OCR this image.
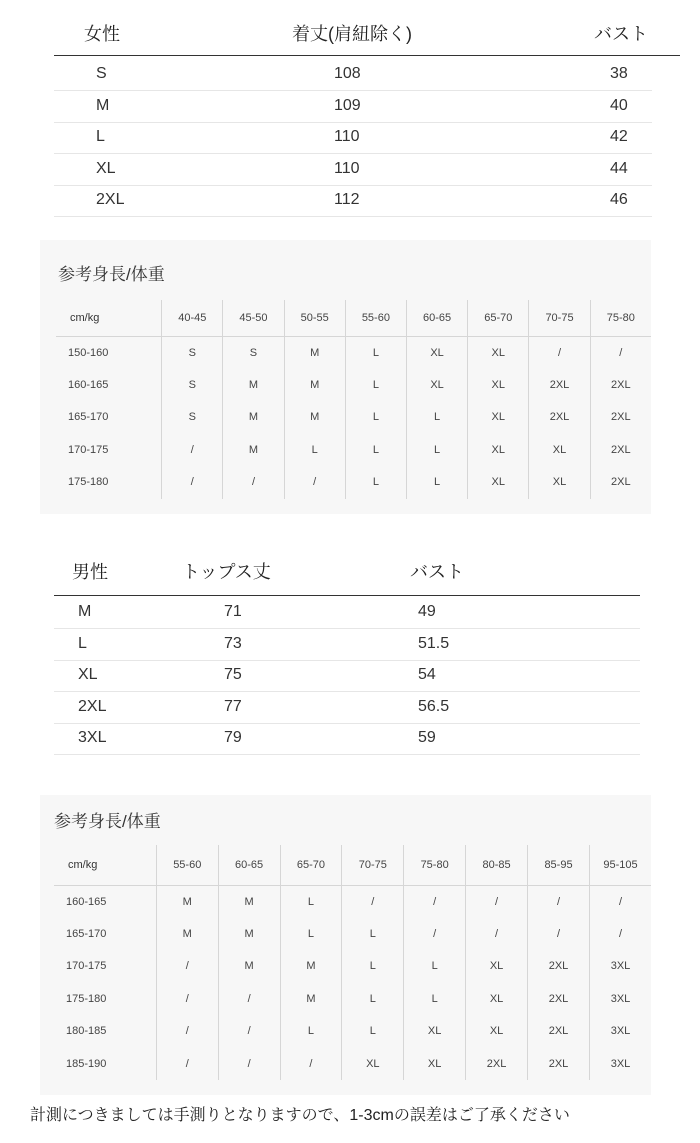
女性	着丈(肩紐除く)	バスト
S	108	38
M	109	40
L	110	42
XL	110	44
2XL	112	46
参考身長/体重
cm/kg	40-45	45-50	50-55	55-60	60-65	65-70	70-75	75-80
150-160	S	S	M	L	XL	XL	/	/
160-165	S	M	M	L	XL	XL	2XL	2XL
165-170	S	M	M	L	L	XL	2XL	2XL
170-175	/	M	L	L	L	XL	XL	2XL
175-180	/	/	/	L	L	XL	XL	2XL
男性	トップス丈	バスト
M	71	49
L	73	51.5
XL	75	54
2XL	77	56.5
3XL	79	59
参考身長/体重
cm/kg	55-60	60-65	65-70	70-75	75-80	80-85	85-95	95-105
160-165	M	M	L	/	/	/	/	/
165-170	M	M	L	L	/	/	/	/
170-175	/	M	M	L	L	XL	2XL	3XL
175-180	/	/	M	L	L	XL	2XL	3XL
180-185	/	/	L	L	XL	XL	2XL	3XL
185-190	/	/	/	XL	XL	2XL	2XL	3XL
計測につきましては手測りとなりますので、1-3cmの誤差はご了承ください
